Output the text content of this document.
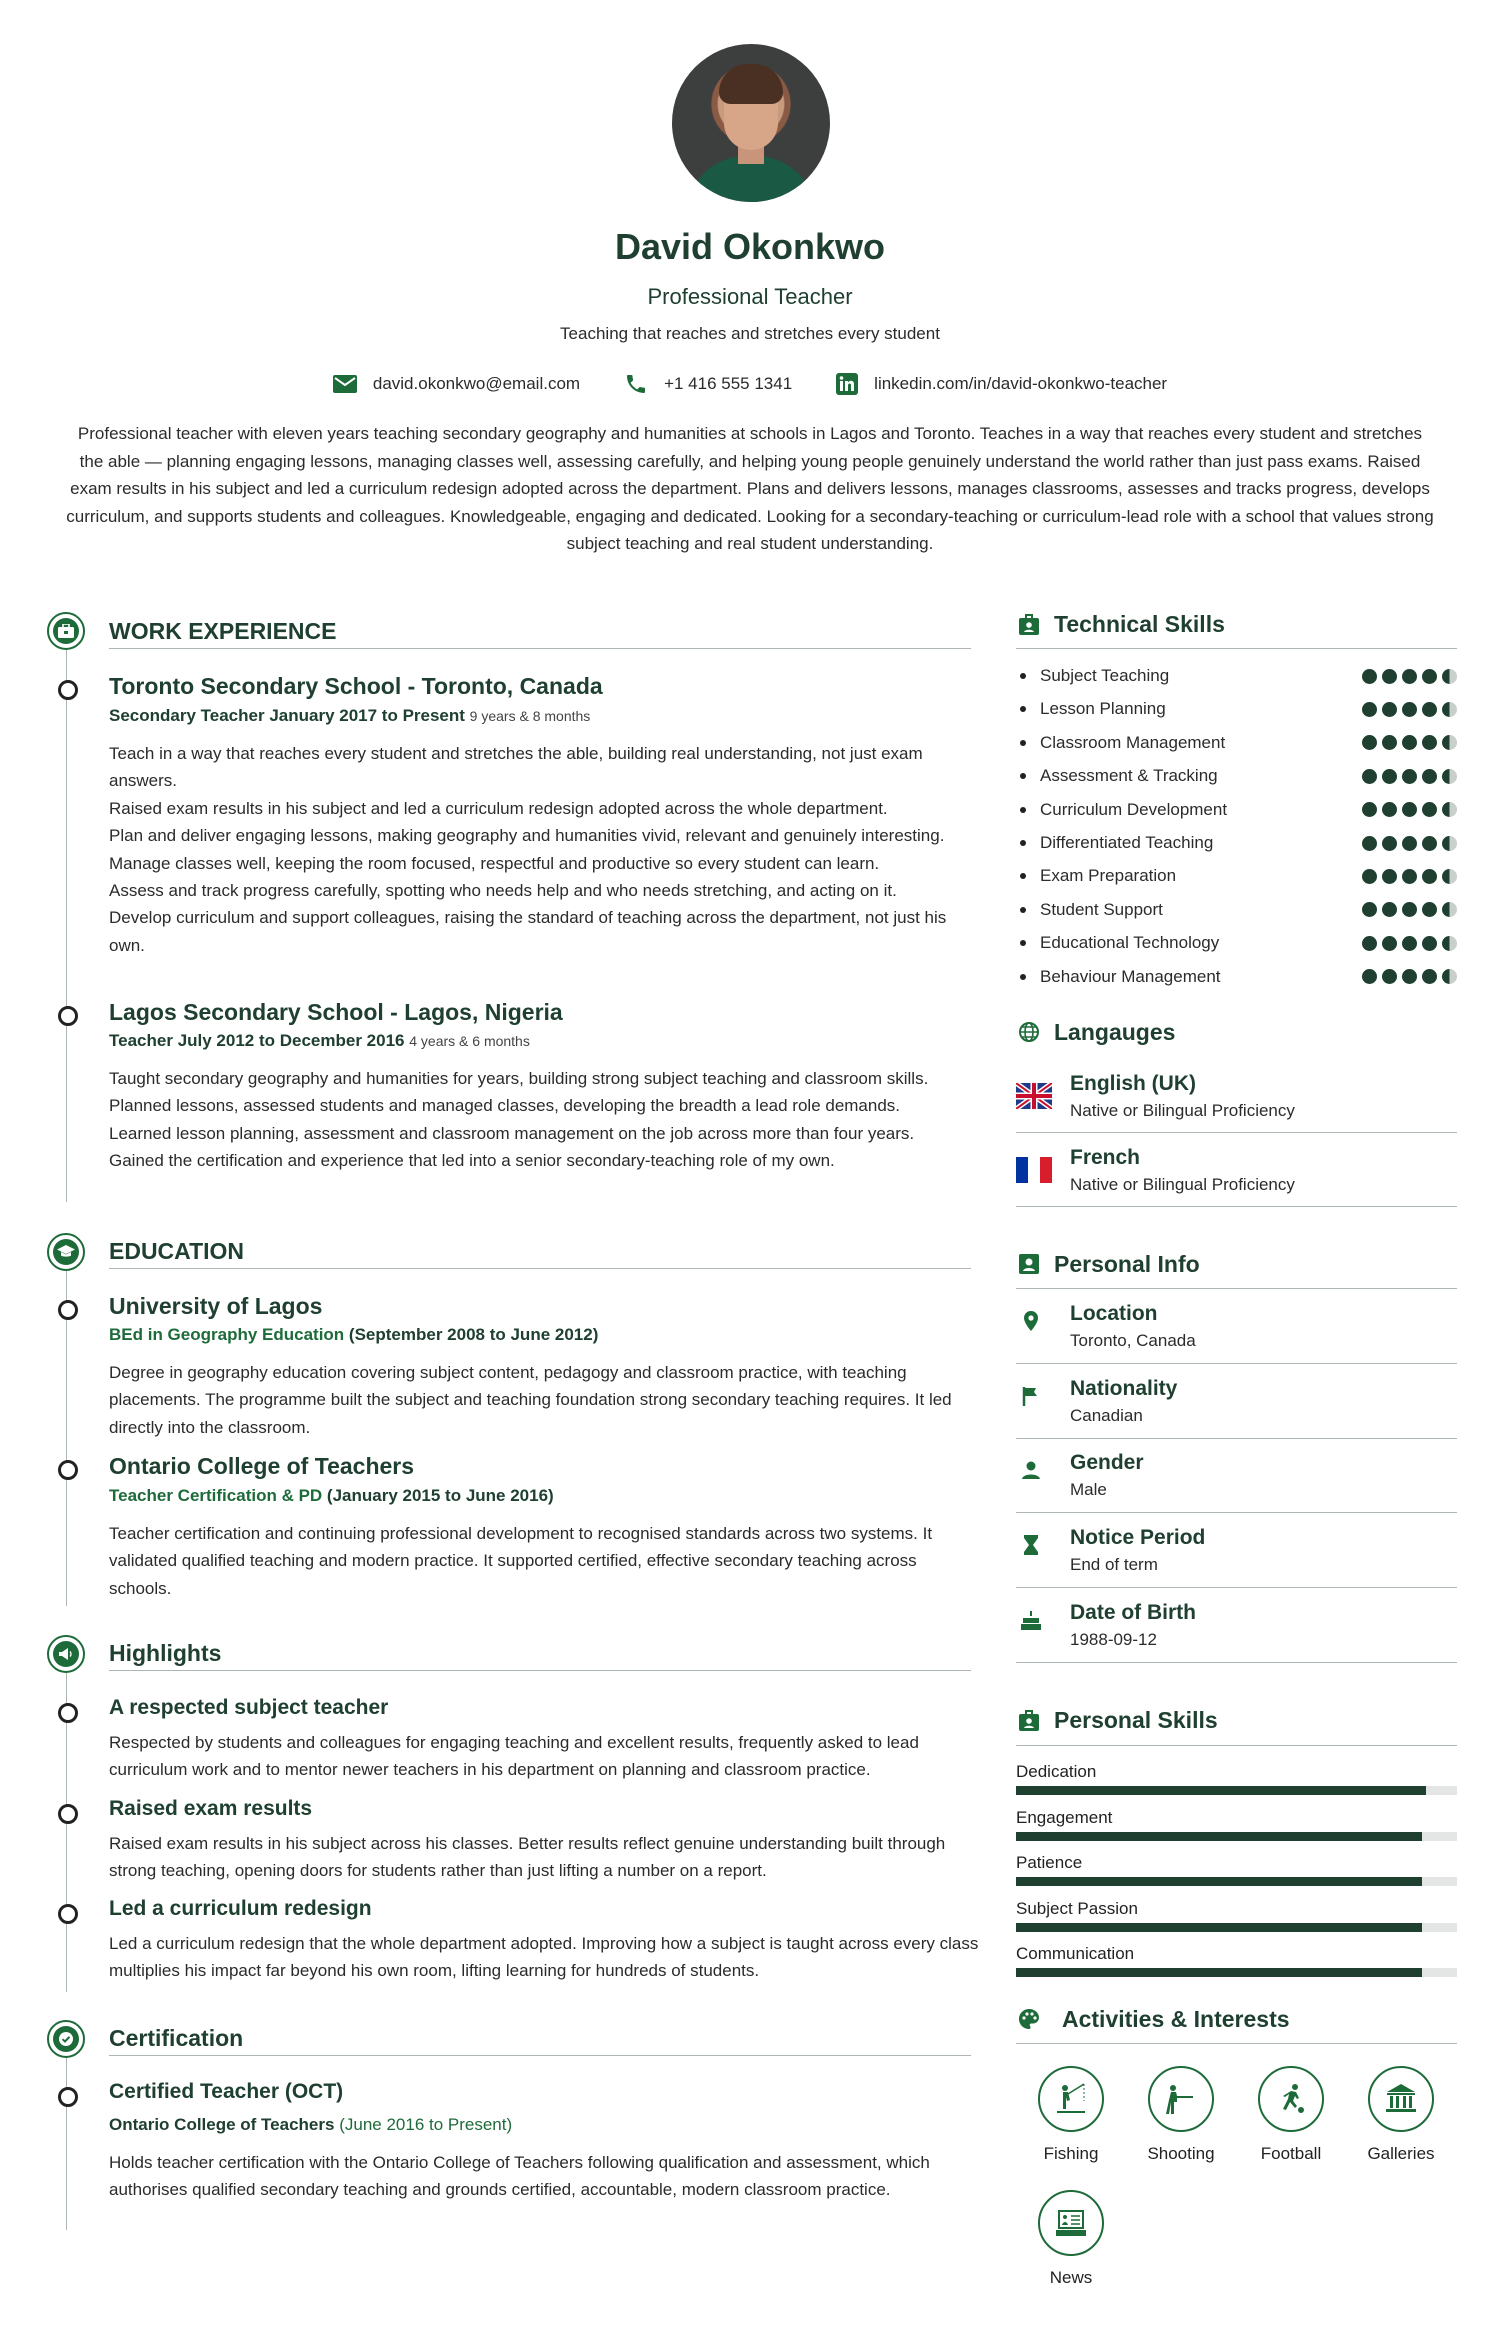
David Okonkwo
Professional Teacher
Teaching that reaches and stretches every student
david.okonkwo@email.com	+1 416 555 1341	linkedin.com/in/david-okonkwo-teacher
Professional teacher with eleven years teaching secondary geography and humanities at schools in Lagos and Toronto. Teaches in a way that reaches every student and stretches the able — planning engaging lessons, managing classes well, assessing carefully, and helping young people genuinely understand the world rather than just pass exams. Raised exam results in his subject and led a curriculum redesign adopted across the department. Plans and delivers lessons, manages classrooms, assesses and tracks progress, develops curriculum, and supports students and colleagues. Knowledgeable, engaging and dedicated. Looking for a secondary-teaching or curriculum-lead role with a school that values strong subject teaching and real student understanding.
WORK EXPERIENCE
Toronto Secondary School - Toronto, Canada
Secondary Teacher January 2017 to Present 9 years & 8 months

Teach in a way that reaches every student and stretches the able, building real understanding, not just exam answers.

Raised exam results in his subject and led a curriculum redesign adopted across the whole department.

Plan and deliver engaging lessons, making geography and humanities vivid, relevant and genuinely interesting.

Manage classes well, keeping the room focused, respectful and productive so every student can learn.

Assess and track progress carefully, spotting who needs help and who needs stretching, and acting on it.

Develop curriculum and support colleagues, raising the standard of teaching across the department, not just his own.

Lagos Secondary School - Lagos, Nigeria
Teacher July 2012 to December 2016 4 years & 6 months

Taught secondary geography and humanities for years, building strong subject teaching and classroom skills.

Planned lessons, assessed students and managed classes, developing the breadth a lead role demands.

Learned lesson planning, assessment and classroom management on the job across more than four years.

Gained the certification and experience that led into a senior secondary-teaching role of my own.

EDUCATION
University of Lagos
BEd in Geography Education (September 2008 to June 2012)
Degree in geography education covering subject content, pedagogy and classroom practice, with teaching placements. The programme built the subject and teaching foundation strong secondary teaching requires. It led directly into the classroom.
Ontario College of Teachers
Teacher Certification & PD (January 2015 to June 2016)
Teacher certification and continuing professional development to recognised standards across two systems. It validated qualified teaching and modern practice. It supported certified, effective secondary teaching across schools.
Highlights
A respected subject teacher
Respected by students and colleagues for engaging teaching and excellent results, frequently asked to lead curriculum work and to mentor newer teachers in his department on planning and classroom practice.
Raised exam results
Raised exam results in his subject across his classes. Better results reflect genuine understanding built through strong teaching, opening doors for students rather than just lifting a number on a report.
Led a curriculum redesign
Led a curriculum redesign that the whole department adopted. Improving how a subject is taught across every class multiplies his impact far beyond his own room, lifting learning for hundreds of students.
Certification
Certified Teacher (OCT)
Ontario College of Teachers (June 2016 to Present)
Holds teacher certification with the Ontario College of Teachers following qualification and assessment, which authorises qualified secondary teaching and grounds certified, accountable, modern classroom practice.
Technical Skills
Subject Teaching
Lesson Planning
Classroom Management
Assessment & Tracking
Curriculum Development
Differentiated Teaching
Exam Preparation
Student Support
Educational Technology
Behaviour Management
Langauges
English (UK)
Native or Bilingual Proficiency
French
Native or Bilingual Proficiency
Personal Info
Location
Toronto, Canada
Nationality
Canadian
Gender
Male
Notice Period
End of term
Date of Birth
1988-09-12
Personal Skills
Dedication
Engagement
Patience
Subject Passion
Communication
Activities & Interests
Fishing	Shooting	Football	Galleries
News
